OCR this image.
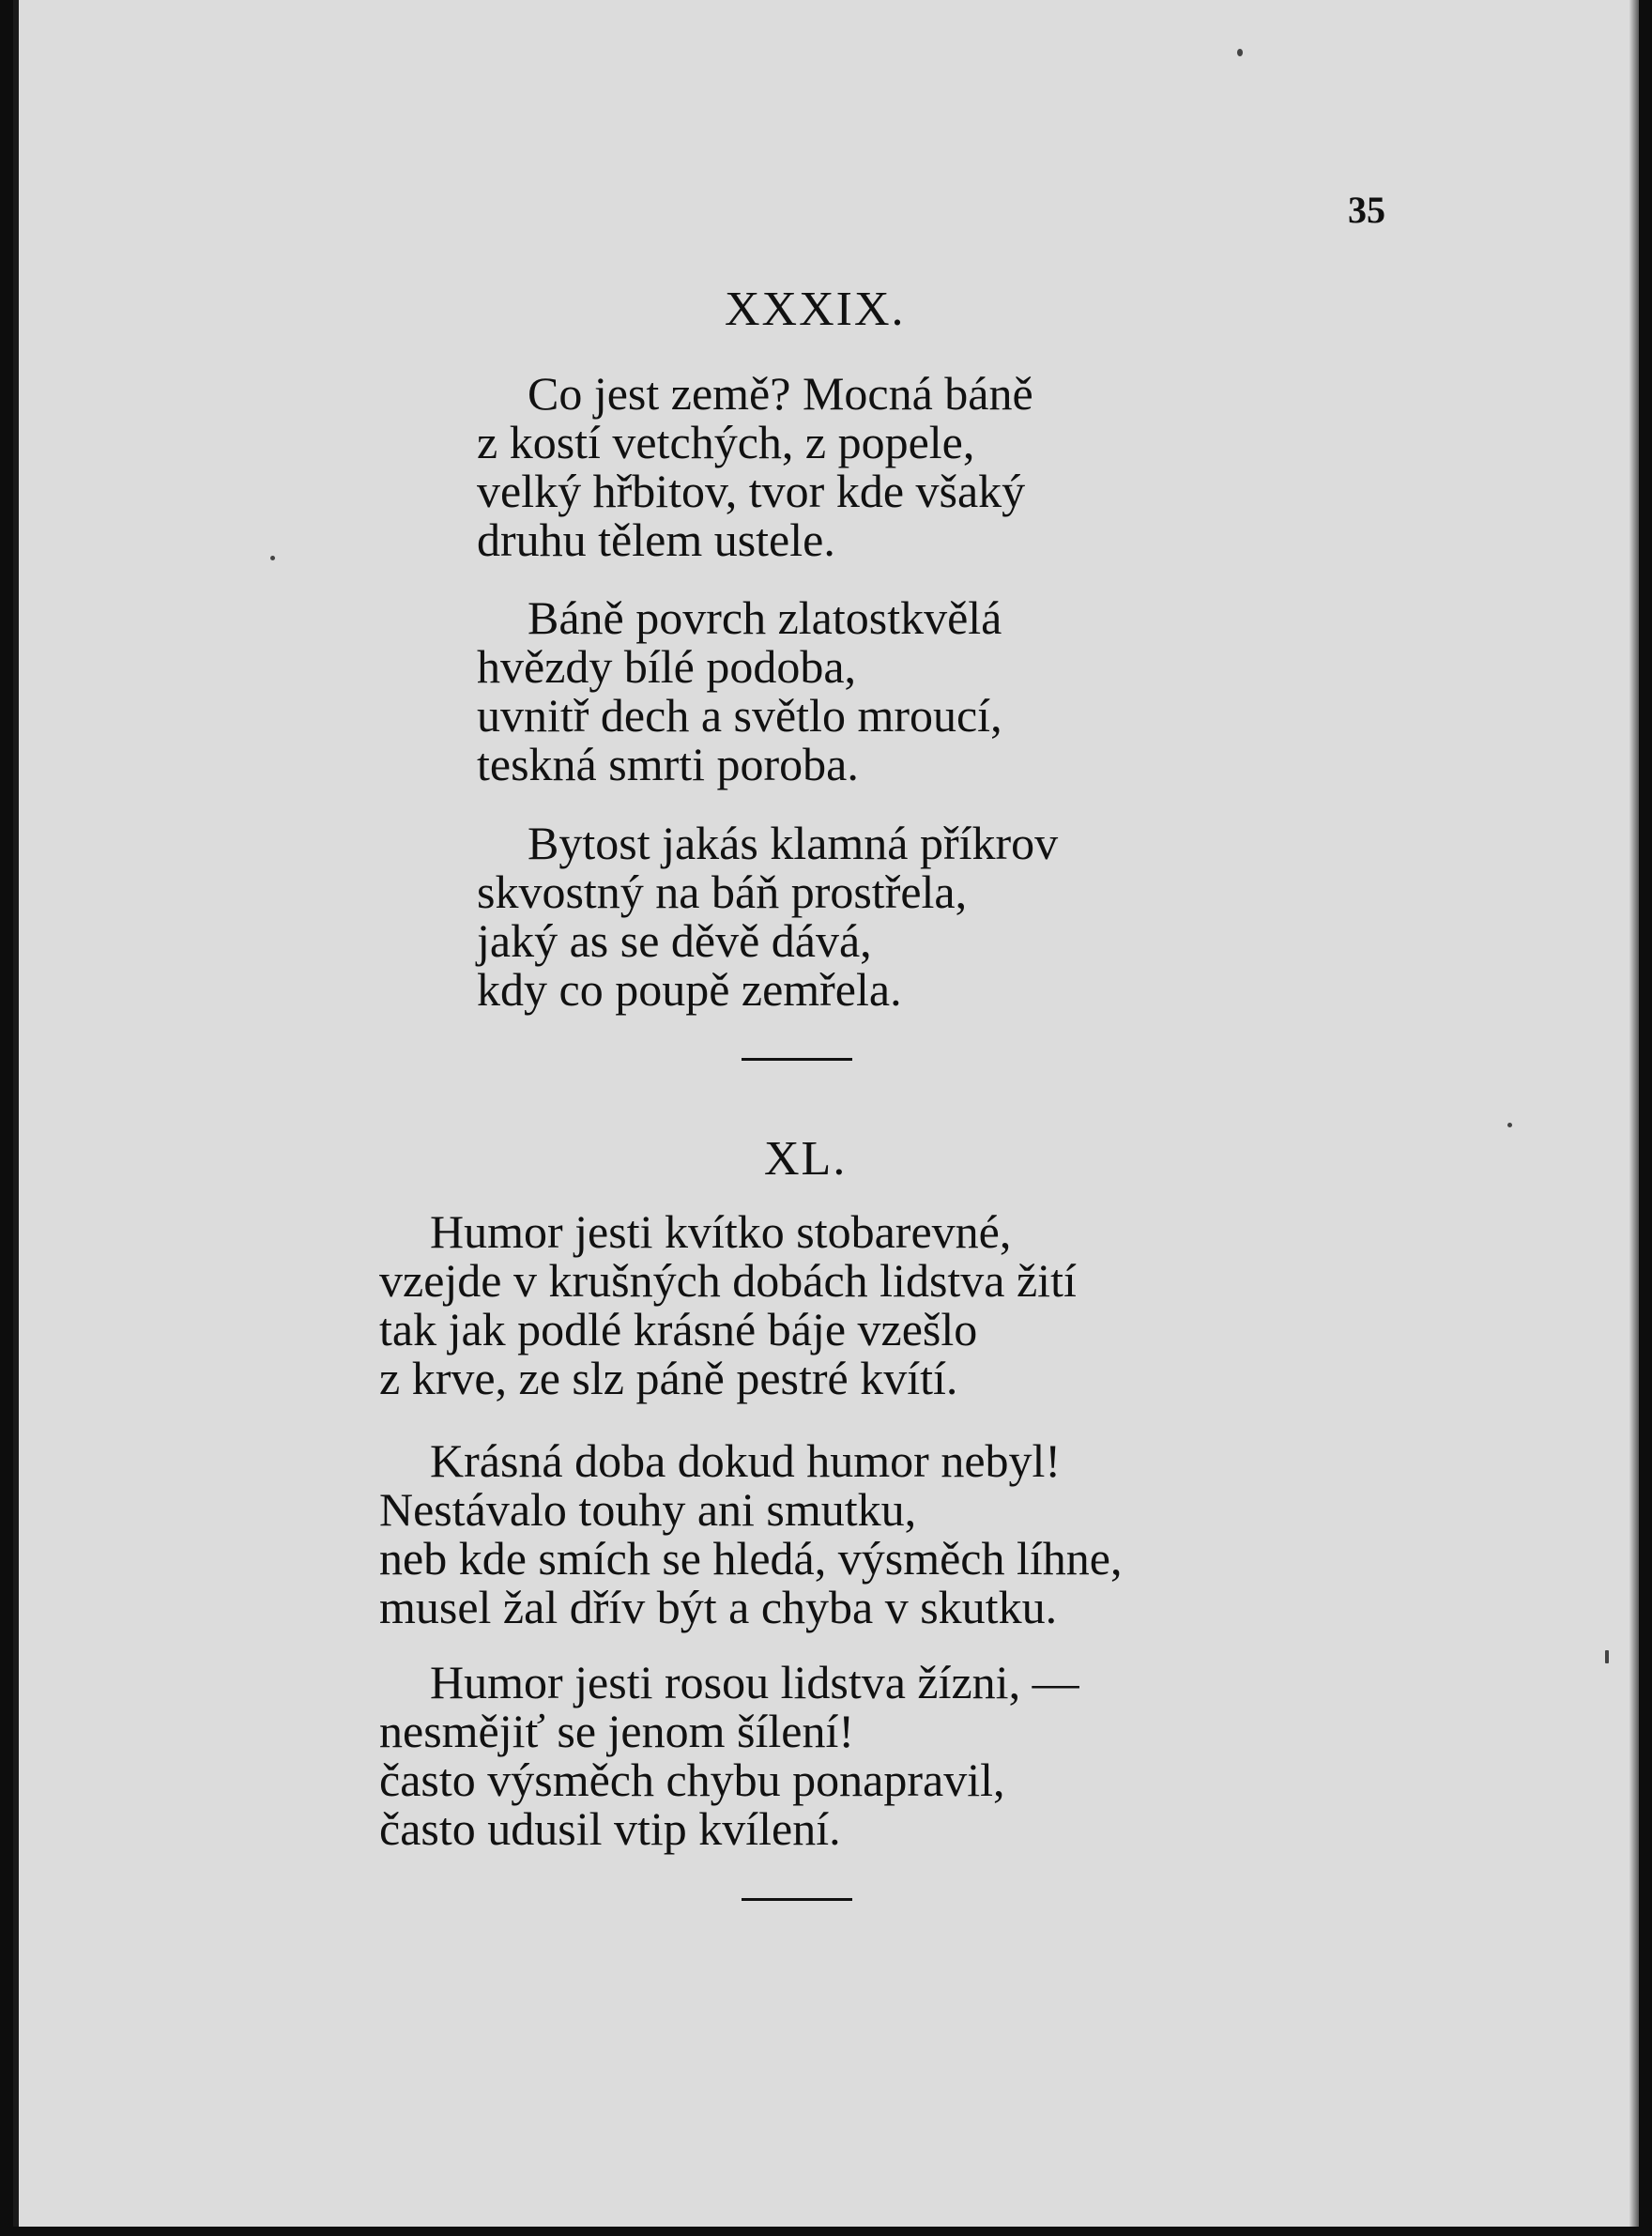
35
XXXIX.
Co jest země? Mocná báně
z kostí vetchých, z popele,
velký hřbitov, tvor kde všaký
druhu tělem ustele.
Báně povrch zlatostkvělá
hvězdy bílé podoba,
uvnitř dech a světlo mroucí,
teskná smrti poroba.
Bytost jakás klamná příkrov
skvostný na báň prostřela,
jaký as se děvě dává,
kdy co poupě zemřela.
XL.
Humor jesti kvítko stobarevné,
vzejde v krušných dobách lidstva žití
tak jak podlé krásné báje vzešlo
z krve, ze slz páně pestré kvítí.
Krásná doba dokud humor nebyl!
Nestávalo touhy ani smutku,
neb kde smích se hledá, výsměch líhne,
musel žal dřív být a chyba v skutku.
Humor jesti rosou lidstva žízni, —
nesmějiť se jenom šílení!
často výsměch chybu ponapravil,
často udusil vtip kvílení.
